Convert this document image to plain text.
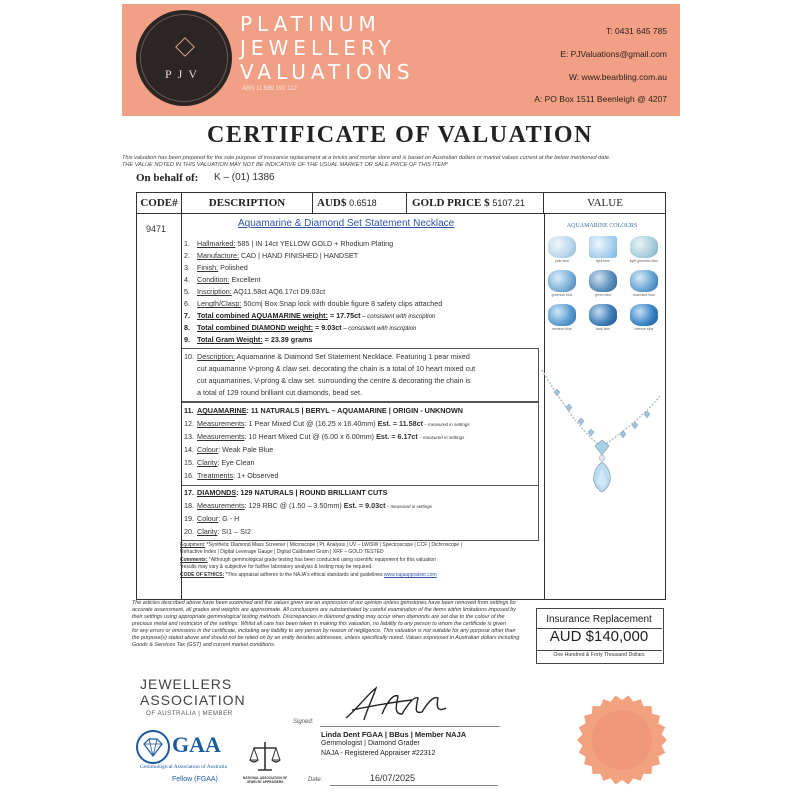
PJV
PLATINUM
JEWELLERY
VALUATIONS
ABN 11 589 192 112
T: 0431 645 785
E: PJValuations@gmail.com
W: www.bearbling.com.au
A: PO Box 1511 Beenleigh @ 4207
CERTIFICATE OF VALUATION
This valuation has been prepared for the sole purpose of insurance replacement at a bricks and mortar store and is based on Australian dollars or market values current at the below mentioned date.
THE VALUE NOTED IN THIS VALUATION MAY NOT BE INDICATIVE OF THE USUAL MARKET OR SALE PRICE OF THIS ITEM*
On behalf of: K – (01) 1386
CODE#	DESCRIPTION	AUD$ 0.6518	GOLD PRICE $ 5107.21	VALUE
9471	Aquamarine & Diamond Set Statement Necklace
1. Hallmarked: 585 | IN 14ct YELLOW GOLD + Rhodium Plating
2. Manufacture: CAD | HAND FINISHED | HANDSET
3. Finish: Polished
4. Condition: Excellent
5. Inscription: AQ11.58ct AQ6.17ct D9.03ct
6. Length/Clasp: 50cm| Box Snap lock with double figure 8 safety clips attached
7. Total combined AQUAMARINE weight: = 17.75ct – consistent with inscription
8. Total combined DIAMOND weight: = 9.03ct – consistent with inscription
9. Total Gram Weight: = 23.39 grams
10. Description: Aquamarine & Diamond Set Statement Necklace. Featuring 1 pear mixed
cut aquamarine V-prong & claw set. decorating the chain is a total of 10 heart mixed cut
cut aquamarines, V-prong & claw set. surrounding the centre & decorating the chain is
a total of 129 round brilliant cut diamonds, bead set.
11. AQUAMARINE: 11 NATURALS | BERYL – AQUAMARINE | ORIGIN - UNKNOWN
12. Measurements: 1 Pear Mixed Cut @ (16.25 x 16.40mm) Est. = 11.58ct – measured in settings
13. Measurements: 10 Heart Mixed Cut @ (6.00 x 6.00mm) Est. = 6.17ct – measured in settings
14. Colour: Weak Pale Blue
15. Clarity: Eye Clean
16. Treatments: 1+ Observed
17. DIAMONDS: 129 NATURALS | ROUND BRILLIANT CUTS
18. Measurements: 129 RBC @ (1.50 – 3.50mm) Est. = 9.03ct – measured in settings
19. Colour: G - H
20. Clarity: SI1 – SI2
Equipment: *Synthetic Diamond Mass Screener | Microscope | Pt. Analysis | UV – LW/SW | Spectroscope | CCF | Dichroscope |
Refractive Index | Digital Leverage Gauge | Digital Calibrated Gram | XRF – GOLD TESTED
Comments: *Although gemmological grade testing has been conducted using scientific equipment for this valuation
*results may vary & subjective for further laboratory analysis & testing may be required.
CODE OF ETHICS: *This appraisal adheres to the NAJA's ethical standards and guidelines www.najaappraiser.com
AQUAMARINE COLOURS
pale blue	light blue	light greenish blue
greenish blue	green blue	blue/dark blue
medium blue	dark blue	intense blue
The articles described above have been examined and the values given are an expression of our opinion unless gemstones have been removed from settings for
accurate assessment, all grades and weights are approximate. All conclusions are substantiated by careful examination of the items within limitations imposed by
their settings using appropriate gemmological testing methods. Discrepancies in diamond grading may occur when diamonds are set due to the colour of the
precious metal and restriction of the settings. Whilst all care has been taken in making this valuation, no liability to any person to whom the certificate is given
for any errors or omissions in the certificate, including any liability to any person by reason of negligence. This valuation is not suitable for any purpose other than
the purpose(s) stated above and should not be relied on by an entity besides addressee, unless specifically noted. Values expressed in Australian dollars including
Goods & Services Tax (GST) and current market conditions.
Insurance Replacement
AUD $140,000
One Hundred & Forty Thousand Dollars
JEWELLERS
ASSOCIATION
OF AUSTRALIA | MEMBER
GAA
Gemmological Association of Australia
Fellow (FGAA)	NATIONAL ASSOCIATION OF JEWELRY APPRAISERS
Signed:
Linda Dent FGAA | BBus | Member NAJA
Gemmologist | Diamond Grader
NAJA - Registered Appraiser #22312
Date:	16/07/2025
